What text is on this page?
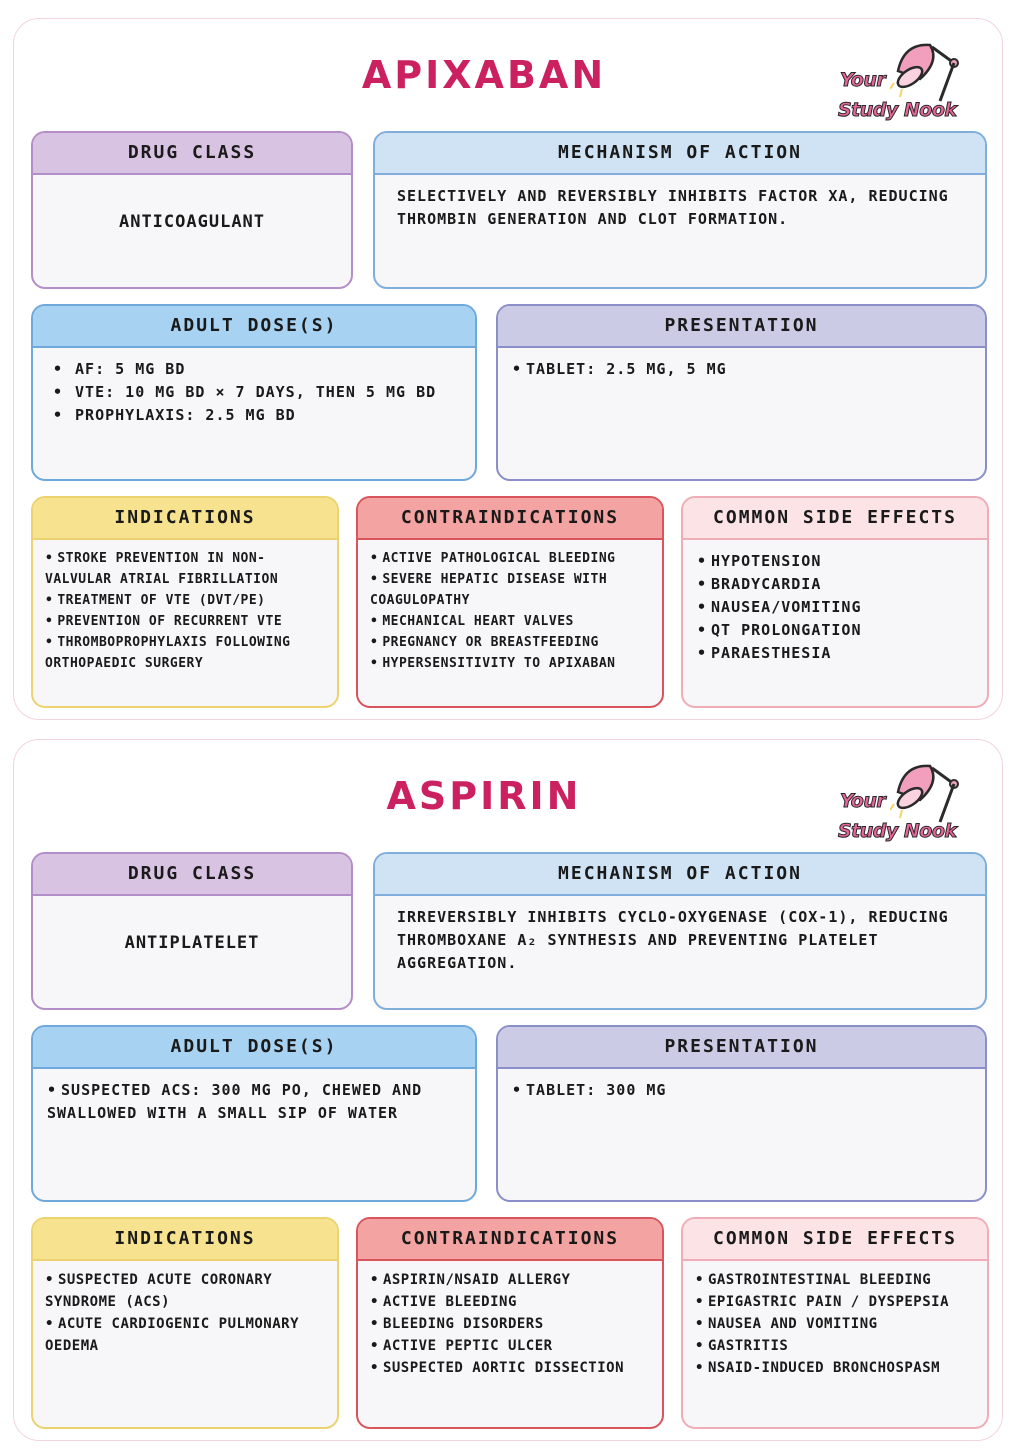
APIXABAN	Your
Study Nook
DRUG CLASS
ANTICOAGULANT
MECHANISM OF ACTION
SELECTIVELY AND REVERSIBLY INHIBITS FACTOR XA, REDUCING THROMBIN GENERATION AND CLOT FORMATION.
ADULT DOSE(S)
• AF: 5 MG BD
• VTE: 10 MG BD × 7 DAYS, THEN 5 MG BD
• PROPHYLAXIS: 2.5 MG BD
PRESENTATION
• TABLET: 2.5 MG, 5 MG
INDICATIONS
• STROKE PREVENTION IN NON-VALVULAR ATRIAL FIBRILLATION
• TREATMENT OF VTE (DVT/PE)
• PREVENTION OF RECURRENT VTE
• THROMBOPROPHYLAXIS FOLLOWING ORTHOPAEDIC SURGERY
CONTRAINDICATIONS
• ACTIVE PATHOLOGICAL BLEEDING
• SEVERE HEPATIC DISEASE WITH COAGULOPATHY
• MECHANICAL HEART VALVES
• PREGNANCY OR BREASTFEEDING
• HYPERSENSITIVITY TO APIXABAN
COMMON SIDE EFFECTS
• HYPOTENSION
• BRADYCARDIA
• NAUSEA/VOMITING
• QT PROLONGATION
• PARAESTHESIA
ASPIRIN	Your
Study Nook
DRUG CLASS
ANTIPLATELET
MECHANISM OF ACTION
IRREVERSIBLY INHIBITS CYCLO-OXYGENASE (COX-1), REDUCING THROMBOXANE A₂ SYNTHESIS AND PREVENTING PLATELET AGGREGATION.
ADULT DOSE(S)
• SUSPECTED ACS: 300 MG PO, CHEWED AND SWALLOWED WITH A SMALL SIP OF WATER
PRESENTATION
• TABLET: 300 MG
INDICATIONS
• SUSPECTED ACUTE CORONARY SYNDROME (ACS)
• ACUTE CARDIOGENIC PULMONARY OEDEMA
CONTRAINDICATIONS
• ASPIRIN/NSAID ALLERGY
• ACTIVE BLEEDING
• BLEEDING DISORDERS
• ACTIVE PEPTIC ULCER
• SUSPECTED AORTIC DISSECTION
COMMON SIDE EFFECTS
• GASTROINTESTINAL BLEEDING
• EPIGASTRIC PAIN / DYSPEPSIA
• NAUSEA AND VOMITING
• GASTRITIS
• NSAID-INDUCED BRONCHOSPASM
